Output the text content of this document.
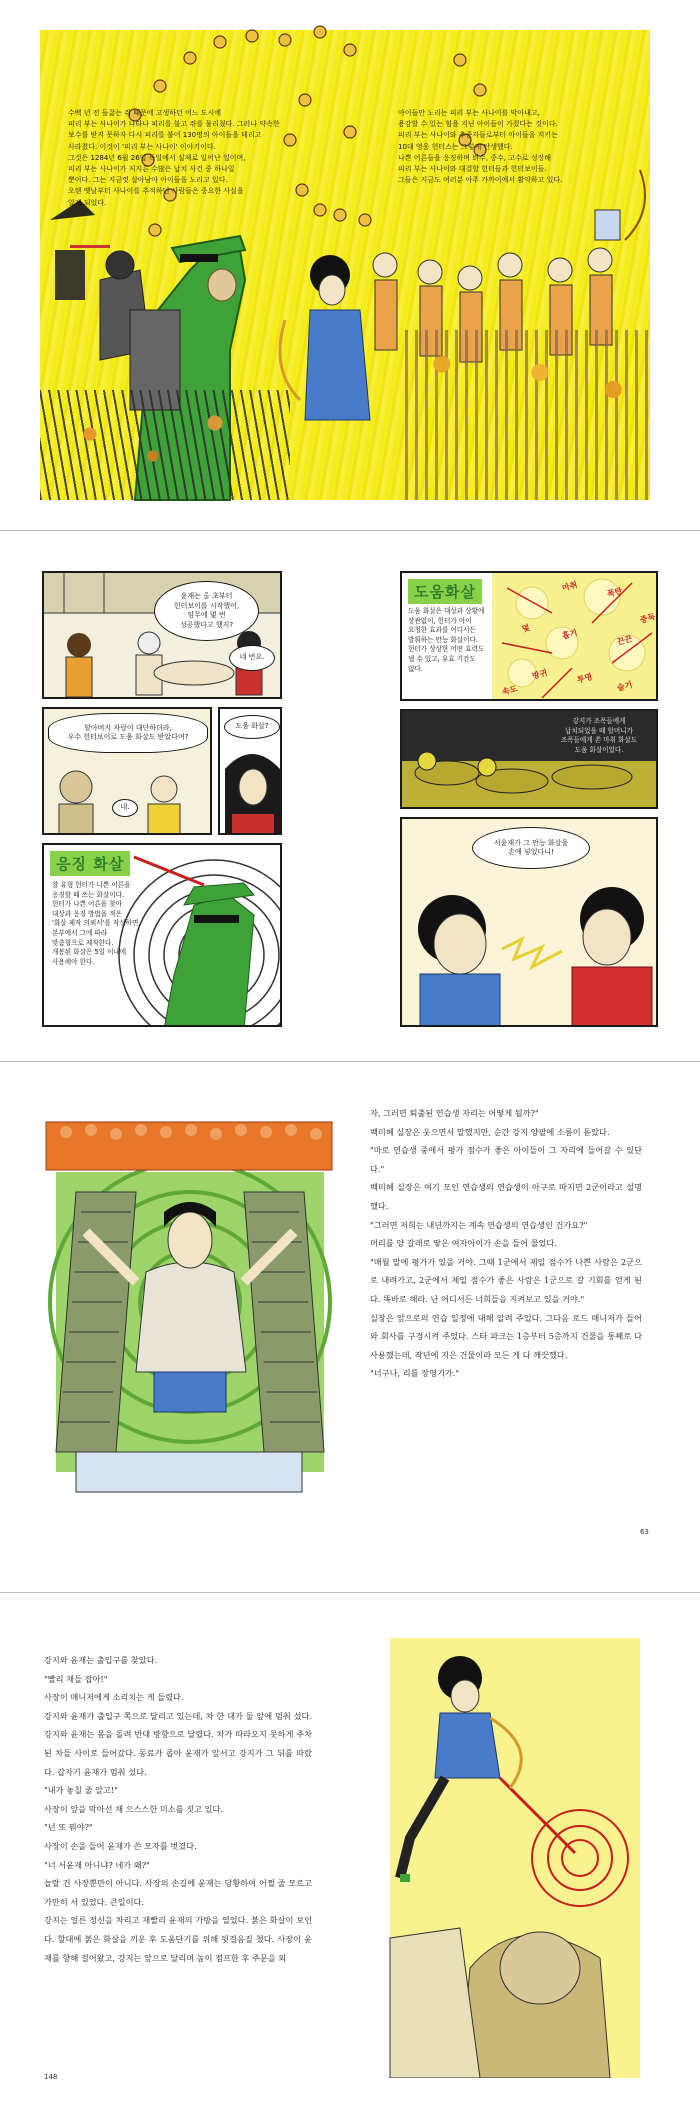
수백 년 전 들끓는 쥐 때문에 고생하던 어느 도시에
피리 부는 사나이가 나타나 피리를 불고 쥐를 물리쳤다. 그러나 약속한
보수를 받지 못하자 다시 피리를 불어 130명의 아이들을 데리고
사라졌다. 이것이 '피리 부는 사나이' 이야기이다.
그것은 1284년 6월 26일 독일에서 실제로 일어난 일이며,
피리 부는 사나이가 저지른 수많은 납치 사건 중 하나일
뿐이다. 그는 지금껏 살아남아 아이들을 노리고 있다.
오랜 옛날부터 사나이를 추적하던 사람들은 중요한 사실을
알게 되었다.
아이들만 노리는 피리 부는 사나이를 막아내고,
용감할 수 있는 힘을 지닌 아이들이 가졌다는 것이다.
피리 부는 사나이와 추종자들로부터 아이들을 지키는
10대 영웅 헌터스는 그렇게 탄생했다.
나쁜 어른들을 응징하며 퇴수, 중수, 고수로 성장해
피리 부는 사나이와 대결할 헌터들과 헌터보이들.
그들은 지금도 여러분 아주 가까이에서 활약하고 있다.
윤재는 올 초부터
헌터보이를 시작했어,
임무에 몇 번
성공했다고 했지?
네 번요.
할아버지 자랑이 대단하더라,
우수 헌터보이로 도움 화살도 받았다며?
네.
도움 화살?
응징 화살
찰 유형 헌터가 나쁜 어른을
응징할 때 쓰는 화살이다.
헌터가 나쁜 어른을 찾아
대상과 응징 방법을 적은
'화살 제작 의뢰서'를 작성하면,
본부에서 그에 따라
맞춤형으로 제작한다.
개봉된 화살은 5일 이내에
사용해야 한다.
도움화살
도움 화살은 대상과 상황에
상관없이, 헌터가 아이
요청한 효과를 어디서든
발휘하는 만능 화살이다.
헌터가 상상한 어떤 효력도
낼 수 있고, 유효 기간도
없다.
마취	폭탄
덫	흡기	끈끈
중독
방귀	투명
술기
속도
강지가 조폭들에게
납치되었을 때 할머니가
조폭들에게 쏜 마취 화살도
도움 화살이었다.
서윤재가 그 만능 화살을
손에 넣었다니!

자, 그러면 퇴출된 연습생 자리는 어떻게 될까?"

백미혜 실장은 웃으면서 말했지만, 순간 강지 양팔에 소름이 돋았다.

"마로 연습생 중에서 평가 점수가 좋은 아이들이 그 자리에 들어갈 수 있단다."

백미혜 실장은 여기 모인 연습생의 연습생이 아구로 따지면 2군이라고 설명했다.

"그러면 저희는 내년까지는 계속 연습생의 연습생인 건가요?"

머리를 양 갈래로 땋은 여자아이가 손을 들어 물었다.

"매월 말에 평가가 있을 거야. 그때 1군에서 제일 점수가 나쁜 사람은 2군으로 내려가고, 2군에서 제일 점수가 좋은 사람은 1군으로 갈 기회를 얻게 된다. 똑바로 해라. 난 어디서든 너희들을 지켜보고 있을 거야."

실장은 앞으로의 연습 일정에 대해 알려 주었다. 그다음 로드 매니저가 들어와 회사를 구경시켜 주었다. 스타 파크는 1층부터 5층까지 건물을 통째로 다 사용했는데, 작년에 지은 건물이라 모든 게 다 깨끗했다.

"너구나, 리틀 장영기가."

63

강지와 윤재는 출입구를 찾았다.

"빨리 재들 잡아!"

사장이 매니저에게 소리치는 게 들렸다.

강지와 윤재가 출입구 쪽으로 달리고 있는데, 차 한 대가 둘 앞에 멈춰 섰다. 강지와 윤재는 몸을 돌려 반대 방향으로 달렸다. 차가 따라오지 못하게 주차된 차들 사이로 들어갔다. 동료가 좁아 윤재가 앞서고 강지가 그 뒤를 따랐다. 갑자기 윤재가 멈춰 섰다.

"내가 놓칠 줄 알고!"

사장이 앞을 막아선 채 으스스한 미소를 짓고 있다.

"넌 또 뭐야?"

사장이 손을 들어 윤재가 쓴 모자를 벗겼다.

"너 서윤재 아니냐? 네가 왜?"

놀랄 건 사장뿐만이 아니다. 사장의 손길에 윤재는 당황하여 어쩔 줄 모르고 가만히 서 있었다. 큰일이다.

강지는 얼른 정신을 차리고 재빨리 윤재의 가방을 열었다. 붉은 화살이 보인다. 할대에 붉은 화살을 끼운 후 도움단기를 위해 뒷걸음질 쳤다. 사장이 윤재를 향해 걸어왔고, 강지는 앞으로 달리며 높이 점프한 후 주문을 외

148
